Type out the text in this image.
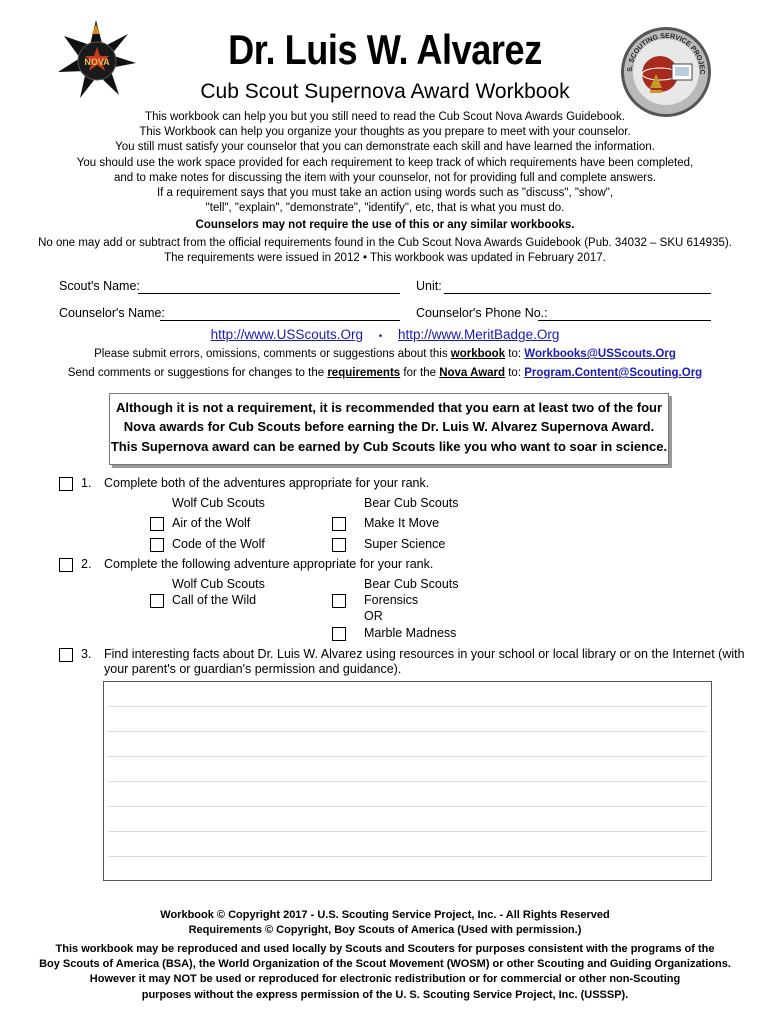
NOVA
S. SCOUTING SERVICE PROJEC
Dr. Luis W. Alvarez
Cub Scout Supernova Award Workbook
This workbook can help you but you still need to read the Cub Scout Nova Awards Guidebook.
This Workbook can help you organize your thoughts as you prepare to meet with your counselor.
You still must satisfy your counselor that you can demonstrate each skill and have learned the information.
You should use the work space provided for each requirement to keep track of which requirements have been completed,
and to make notes for discussing the item with your counselor, not for providing full and complete answers.
If a requirement says that you must take an action using words such as "discuss", "show",
"tell", "explain", "demonstrate", "identify", etc, that is what you must do.
Counselors may not require the use of this or any similar workbooks.
No one may add or subtract from the official requirements found in the Cub Scout Nova Awards Guidebook (Pub. 34032 – SKU 614935).
The requirements were issued in 2012 • This workbook was updated in February 2017.
Scout's Name:	Unit:
Counselor's Name:	Counselor's Phone No.:
http://www.USScouts.Org • http://www.MeritBadge.Org
Please submit errors, omissions, comments or suggestions about this workbook to: Workbooks@USScouts.Org
Send comments or suggestions for changes to the requirements for the Nova Award to: Program.Content@Scouting.Org
Although it is not a requirement, it is recommended that you earn at least two of the four
Nova awards for Cub Scouts before earning the Dr. Luis W. Alvarez Supernova Award.
This Supernova award can be earned by Cub Scouts like you who want to soar in science.
1. Complete both of the adventures appropriate for your rank.
Wolf Cub Scouts	Bear Cub Scouts
Air of the Wolf	Make It Move
Code of the Wolf	Super Science
2. Complete the following adventure appropriate for your rank.
Wolf Cub Scouts	Bear Cub Scouts
Call of the Wild	Forensics
OR
Marble Madness
3. Find interesting facts about Dr. Luis W. Alvarez using resources in your school or local library or on the Internet (with
your parent's or guardian's permission and guidance).
Workbook © Copyright 2017 - U.S. Scouting Service Project, Inc. - All Rights Reserved
Requirements © Copyright, Boy Scouts of America (Used with permission.)
This workbook may be reproduced and used locally by Scouts and Scouters for purposes consistent with the programs of the
Boy Scouts of America (BSA), the World Organization of the Scout Movement (WOSM) or other Scouting and Guiding Organizations.
However it may NOT be used or reproduced for electronic redistribution or for commercial or other non-Scouting
purposes without the express permission of the U. S. Scouting Service Project, Inc. (USSSP).
